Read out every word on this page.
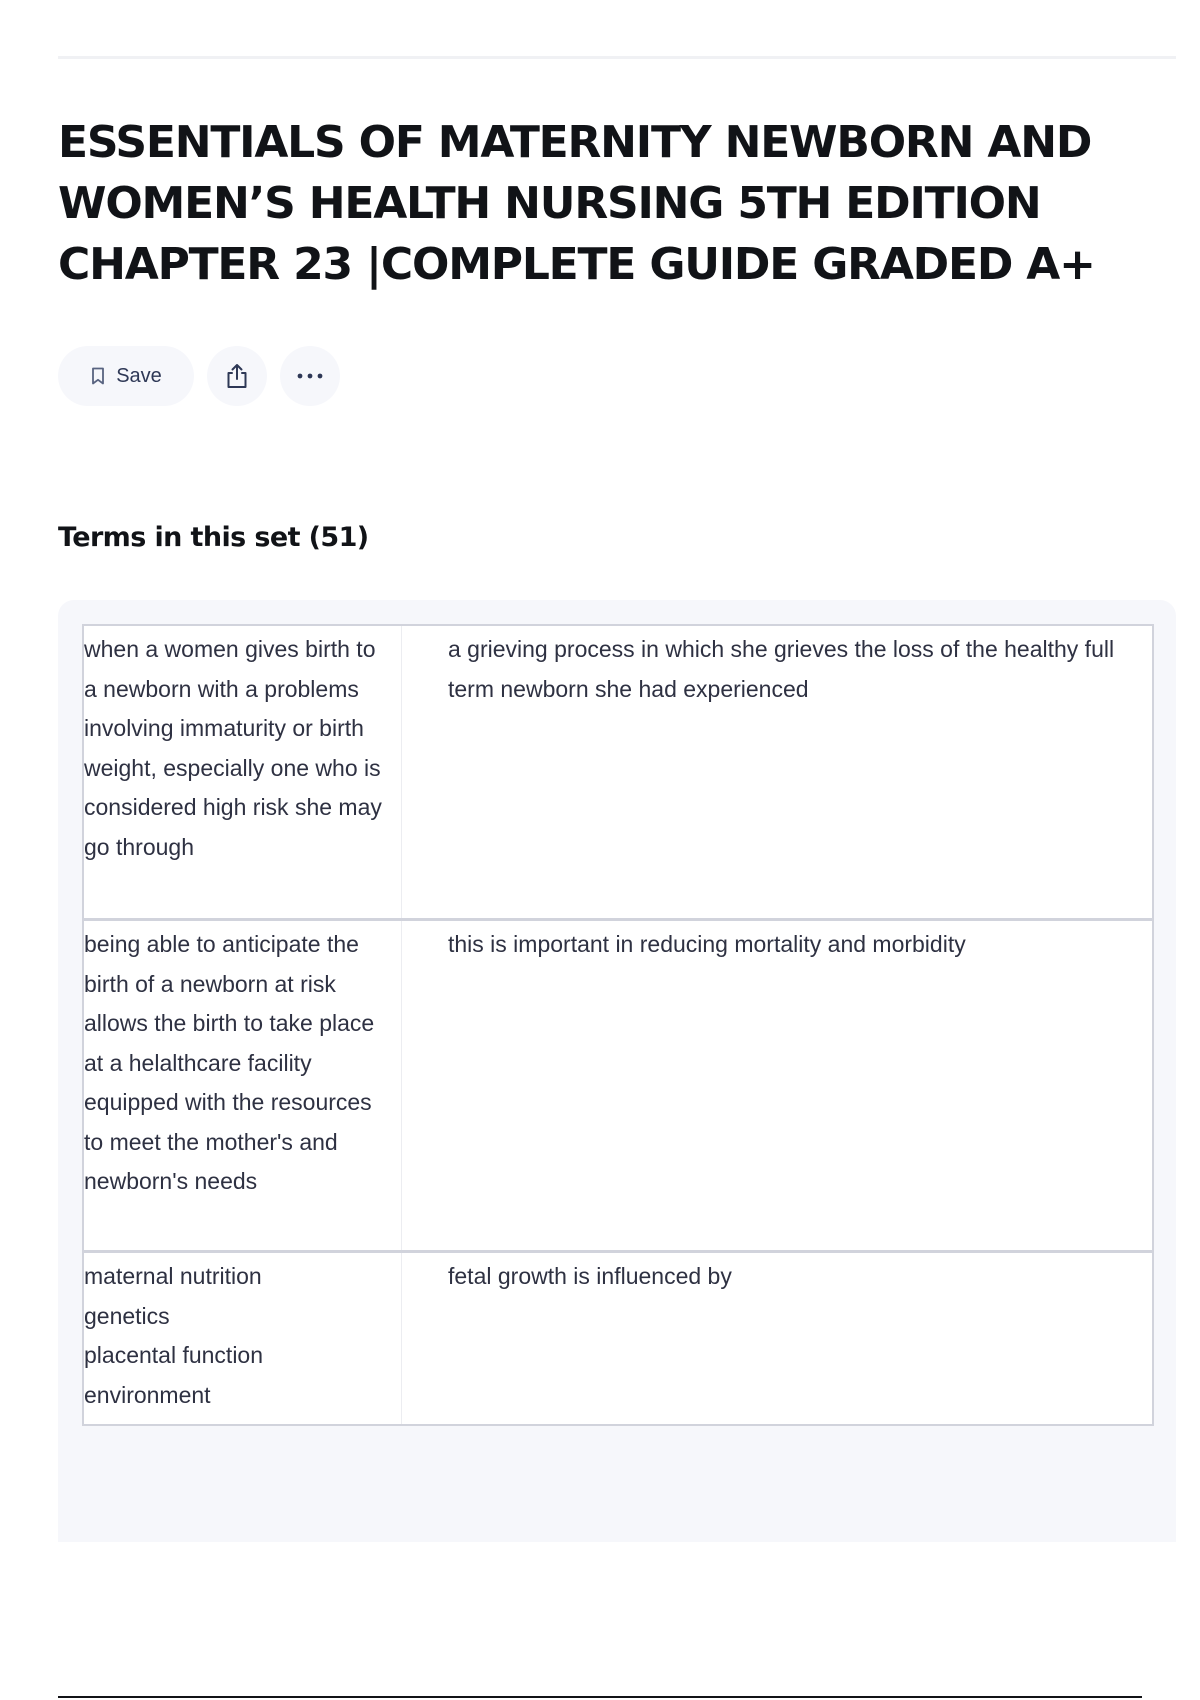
ESSENTIALS OF MATERNITY NEWBORN AND WOMEN’S HEALTH NURSING 5TH EDITION CHAPTER 23 |COMPLETE GUIDE GRADED A+
Save
Terms in this set (51)
when a women gives birth to a newborn with a problems involving immaturity or birth weight, especially one who is considered high risk she may go through
a grieving process in which she grieves the loss of the healthy full term newborn she had experienced
being able to anticipate the birth of a newborn at risk allows the birth to take place at a helalthcare facility equipped with the resources to meet the mother's and newborn's needs
this is important in reducing mortality and morbidity
maternal nutrition
genetics
placental function
environment
fetal growth is influenced by
